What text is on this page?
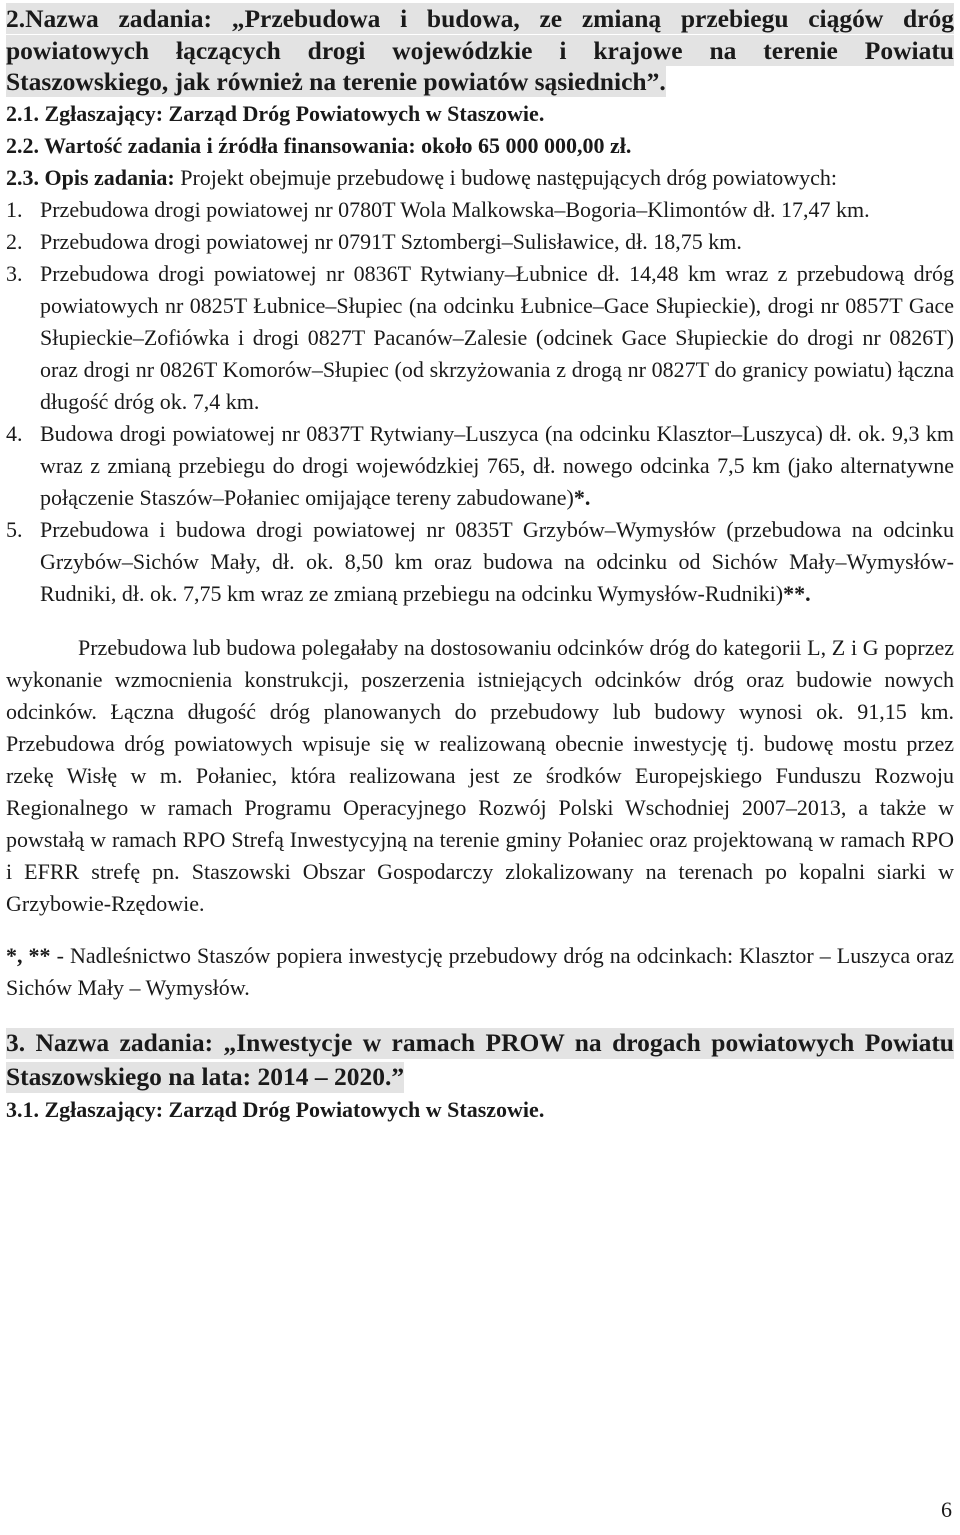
2.Nazwa zadania: „Przebudowa i budowa, ze zmianą przebiegu ciągów dróg powiatowych łączących drogi wojewódzkie i krajowe na terenie Powiatu Staszowskiego, jak również na terenie powiatów sąsiednich”.

2.1. Zgłaszający: Zarząd Dróg Powiatowych w Staszowie.

2.2. Wartość zadania i źródła finansowania: około 65 000 000,00 zł.

2.3. Opis zadania: Projekt obejmuje przebudowę i budowę następujących dróg powiatowych:

1. Przebudowa drogi powiatowej nr 0780T Wola Malkowska–Bogoria–Klimontów dł. 17,47 km.
2. Przebudowa drogi powiatowej nr 0791T Sztombergi–Sulisławice, dł. 18,75 km.
3. Przebudowa drogi powiatowej nr 0836T Rytwiany–Łubnice dł. 14,48 km wraz z przebudową dróg powiatowych nr 0825T Łubnice–Słupiec (na odcinku Łubnice–Gace Słupieckie), drogi nr 0857T Gace Słupieckie–Zofiówka i drogi 0827T Pacanów–Zalesie (odcinek Gace Słupieckie do drogi nr 0826T) oraz drogi nr 0826T Komorów–Słupiec (od skrzyżowania z drogą nr 0827T do granicy powiatu) łączna długość dróg ok. 7,4 km.
4. Budowa drogi powiatowej nr 0837T Rytwiany–Luszyca (na odcinku Klasztor–Luszyca) dł. ok. 9,3 km wraz z zmianą przebiegu do drogi wojewódzkiej 765, dł. nowego odcinka 7,5 km (jako alternatywne połączenie Staszów–Połaniec omijające tereny zabudowane)*.
5. Przebudowa i budowa drogi powiatowej nr 0835T Grzybów–Wymysłów (przebudowa na odcinku Grzybów–Sichów Mały, dł. ok. 8,50 km oraz budowa na odcinku od Sichów Mały–Wymysłów-Rudniki, dł. ok. 7,75 km wraz ze zmianą przebiegu na odcinku Wymysłów-Rudniki)**.

Przebudowa lub budowa polegałaby na dostosowaniu odcinków dróg do kategorii L, Z i G poprzez wykonanie wzmocnienia konstrukcji, poszerzenia istniejących odcinków dróg oraz budowie nowych odcinków. Łączna długość dróg planowanych do przebudowy lub budowy wynosi ok. 91,15 km. Przebudowa dróg powiatowych wpisuje się w realizowaną obecnie inwestycję tj. budowę mostu przez rzekę Wisłę w m. Połaniec, która realizowana jest ze środków Europejskiego Funduszu Rozwoju Regionalnego w ramach Programu Operacyjnego Rozwój Polski Wschodniej 2007–2013, a także w powstałą w ramach RPO Strefą Inwestycyjną na terenie gminy Połaniec oraz projektowaną w ramach RPO i EFRR strefę pn. Staszowski Obszar Gospodarczy zlokalizowany na terenach po kopalni siarki w Grzybowie-Rzędowie.

*, ** - Nadleśnictwo Staszów popiera inwestycję przebudowy dróg na odcinkach: Klasztor – Luszyca oraz Sichów Mały – Wymysłów.

3. Nazwa zadania: „Inwestycje w ramach PROW na drogach powiatowych Powiatu Staszowskiego na lata: 2014 – 2020.”

3.1. Zgłaszający: Zarząd Dróg Powiatowych w Staszowie.

6
